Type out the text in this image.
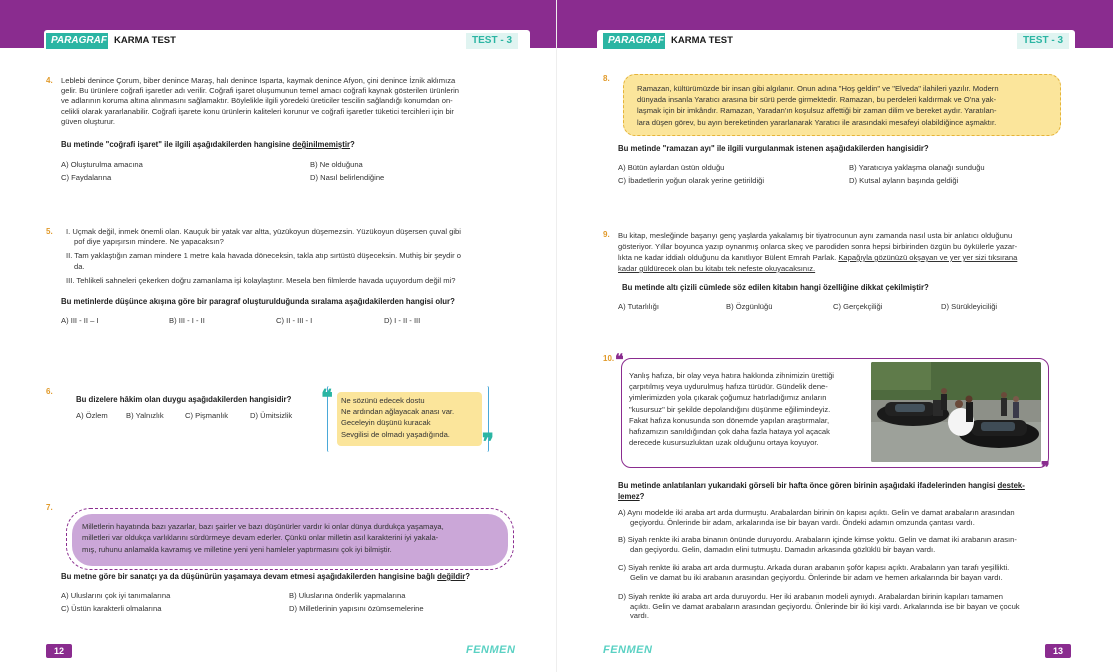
PARAGRAF KARMA TEST	TEST - 3
4. Leblebi denince Çorum, biber denince Maraş, halı denince Isparta, kaymak denince Afyon, çini denince İznik aklımıza
gelir. Bu ürünlere coğrafi işaretler adı verilir. Coğrafi işaret oluşumunun temel amacı coğrafi kaynak gösterilen ürünlerin
ve adlarının koruma altına alınmasını sağlamaktır. Böylelikle ilgili yöredeki üreticiler tescilin sağlandığı konumdan on-
celikli olarak yararlanabilir. Coğrafi işarete konu ürünlerin kaliteleri korunur ve coğrafi işaretler tüketici tercihleri için bir
güven oluşturur.
Bu metinde "coğrafi işaret" ile ilgili aşağıdakilerden hangisine değinilmemiştir?
A) Oluşturulma amacına	B) Ne olduğuna
C) Faydalarına	D) Nasıl belirlendiğine
5. I. Uçmak değil, inmek önemli olan. Kauçuk bir yatak var altta, yüzükoyun düşemezsin. Yüzükoyun düşersen çuval gibi
pof diye yapışırsın mindere. Ne yapacaksın?
II. Tam yaklaştığın zaman mindere 1 metre kala havada döneceksin, takla atıp sırtüstü düşeceksin. Muthiş bir şeydir o
da.
III. Tehlikeli sahneleri çekerken doğru zamanlama işi kolaylaştırır. Mesela ben filmlerde havada uçuyordum değil mi?
Bu metinlerde düşünce akışına göre bir paragraf oluşturulduğunda sıralama aşağıdakilerden hangisi olur?
A) III - II – I	B) III - I - II	C) II - III - I	D) I - II - III
6.
Bu dizelere hâkim olan duygu aşağıdakilerden hangisidir?
A) Özlem B) Yalnızlık	C) Pişmanlık	D) Ümitsizlik
❝
❞
Ne sözünü edecek dostu
Ne ardından ağlayacak anası var.
Geceleyin düşünü kuracak
Sevgilisi de olmadı yaşadığında.
7.
Milletlerin hayatında bazı yazarlar, bazı şairler ve bazı düşünürler vardır ki onlar dünya durdukça yaşamaya,
milletleri var oldukça varlıklarını sürdürmeye devam ederler. Çünkü onlar milletin asıl karakterini iyi yakala-
mış, ruhunu anlamakla kavramış ve milletine yeni yeni hamleler yaptırmasını çok iyi bilmiştir.
Bu metne göre bir sanatçı ya da düşünürün yaşamaya devam etmesi aşağıdakilerden hangisine bağlı değildir?
A) Uluslarını çok iyi tanımalarına	B) Uluslarına önderlik yapmalarına
C) Üstün karakterli olmalarına	D) Milletlerinin yapısını özümsemelerine
12	FENMEN
PARAGRAF KARMA TEST	TEST - 3
8.
Ramazan, kültürümüzde bir insan gibi algılanır. Onun adına "Hoş geldin" ve "Elveda" ilahileri yazılır. Modern
dünyada insanla Yaratıcı arasına bir sürü perde girmektedir. Ramazan, bu perdeleri kaldırmak ve O'na yak-
laşmak için bir imkândır. Ramazan, Yaradan'ın koşulsuz affettiği bir zaman dilim ve bereket aydır. Yaratılan-
lara düşen görev, bu ayın bereketinden yararlanarak Yaratıcı ile arasındaki mesafeyi olabildiğince aşmaktır.
Bu metinde "ramazan ayı" ile ilgili vurgulanmak istenen aşağıdakilerden hangisidir?
A) Bütün aylardan üstün olduğu	B) Yaratıcıya yaklaşma olanağı sunduğu
C) İbadetlerin yoğun olarak yerine getirildiği	D) Kutsal ayların başında geldiği
9. Bu kitap, mesleğinde başarıyı genç yaşlarda yakalamış bir tiyatrocunun aynı zamanda nasıl usta bir anlatıcı olduğunu
gösteriyor. Yıllar boyunca yazıp oynanmış onlarca skeç ve parodiden sonra hepsi birbirinden özgün bu öykülerle yazar-
lıkta ne kadar iddialı olduğunu da kanıtlıyor Bülent Emrah Parlak. Kapağıyla gözünüzü okşayan ve yer yer sizi tıksırana
kadar güldürecek olan bu kitabı tek nefeste okuyacaksınız.
Bu metinde altı çizili cümlede söz edilen kitabın hangi özelliğine dikkat çekilmiştir?
A) Tutarlılığı	B) Özgünlüğü	C) Gerçekçiliği	D) Sürükleyiciliği
10. ❝
❞
Yanlış hafıza, bir olay veya hatıra hakkında zihnimizin ürettiği
çarpıtılmış veya uydurulmuş hafıza türüdür. Gündelik dene-
yimlerimizden yola çıkarak çoğumuz hatırladığımız anıların
"kusursuz" bir şekilde depolandığını düşünme eğilimindeyiz.
Fakat hafıza konusunda son dönemde yapılan araştırmalar,
hafızamızın sanıldığından çok daha fazla hataya yol açacak
derecede kusursuzluktan uzak olduğunu ortaya koyuyor.
Bu metinde anlatılanları yukarıdaki görseli bir hafta önce gören birinin aşağıdaki ifadelerinden hangisi destek-
lemez?
A) Aynı modelde iki araba art arda durmuştu. Arabalardan birinin ön kapısı açıktı. Gelin ve damat arabaların arasından
geçiyordu. Önlerinde bir adam, arkalarında ise bir bayan vardı. Öndeki adamın omzunda çantası vardı.
B) Siyah renkte iki araba binanın önünde duruyordu. Arabaların içinde kimse yoktu. Gelin ve damat iki arabanın arasın-
dan geçiyordu. Gelin, damadın elini tutmuştu. Damadın arkasında gözlüklü bir bayan vardı.
C) Siyah renkte iki araba art arda durmuştu. Arkada duran arabanın şoför kapısı açıktı. Arabaların yan tarafı yeşillikti.
Gelin ve damat bu iki arabanın arasından geçiyordu. Önlerinde bir adam ve hemen arkalarında bir bayan vardı.
D) Siyah renkte iki araba art arda duruyordu. Her iki arabanın modeli aynıydı. Arabalardan birinin kapıları tamamen
açıktı. Gelin ve damat arabaların arasından geçiyordu. Önlerinde bir iki kişi vardı. Arkalarında ise bir bayan ve çocuk
vardı.
FENMEN	13
